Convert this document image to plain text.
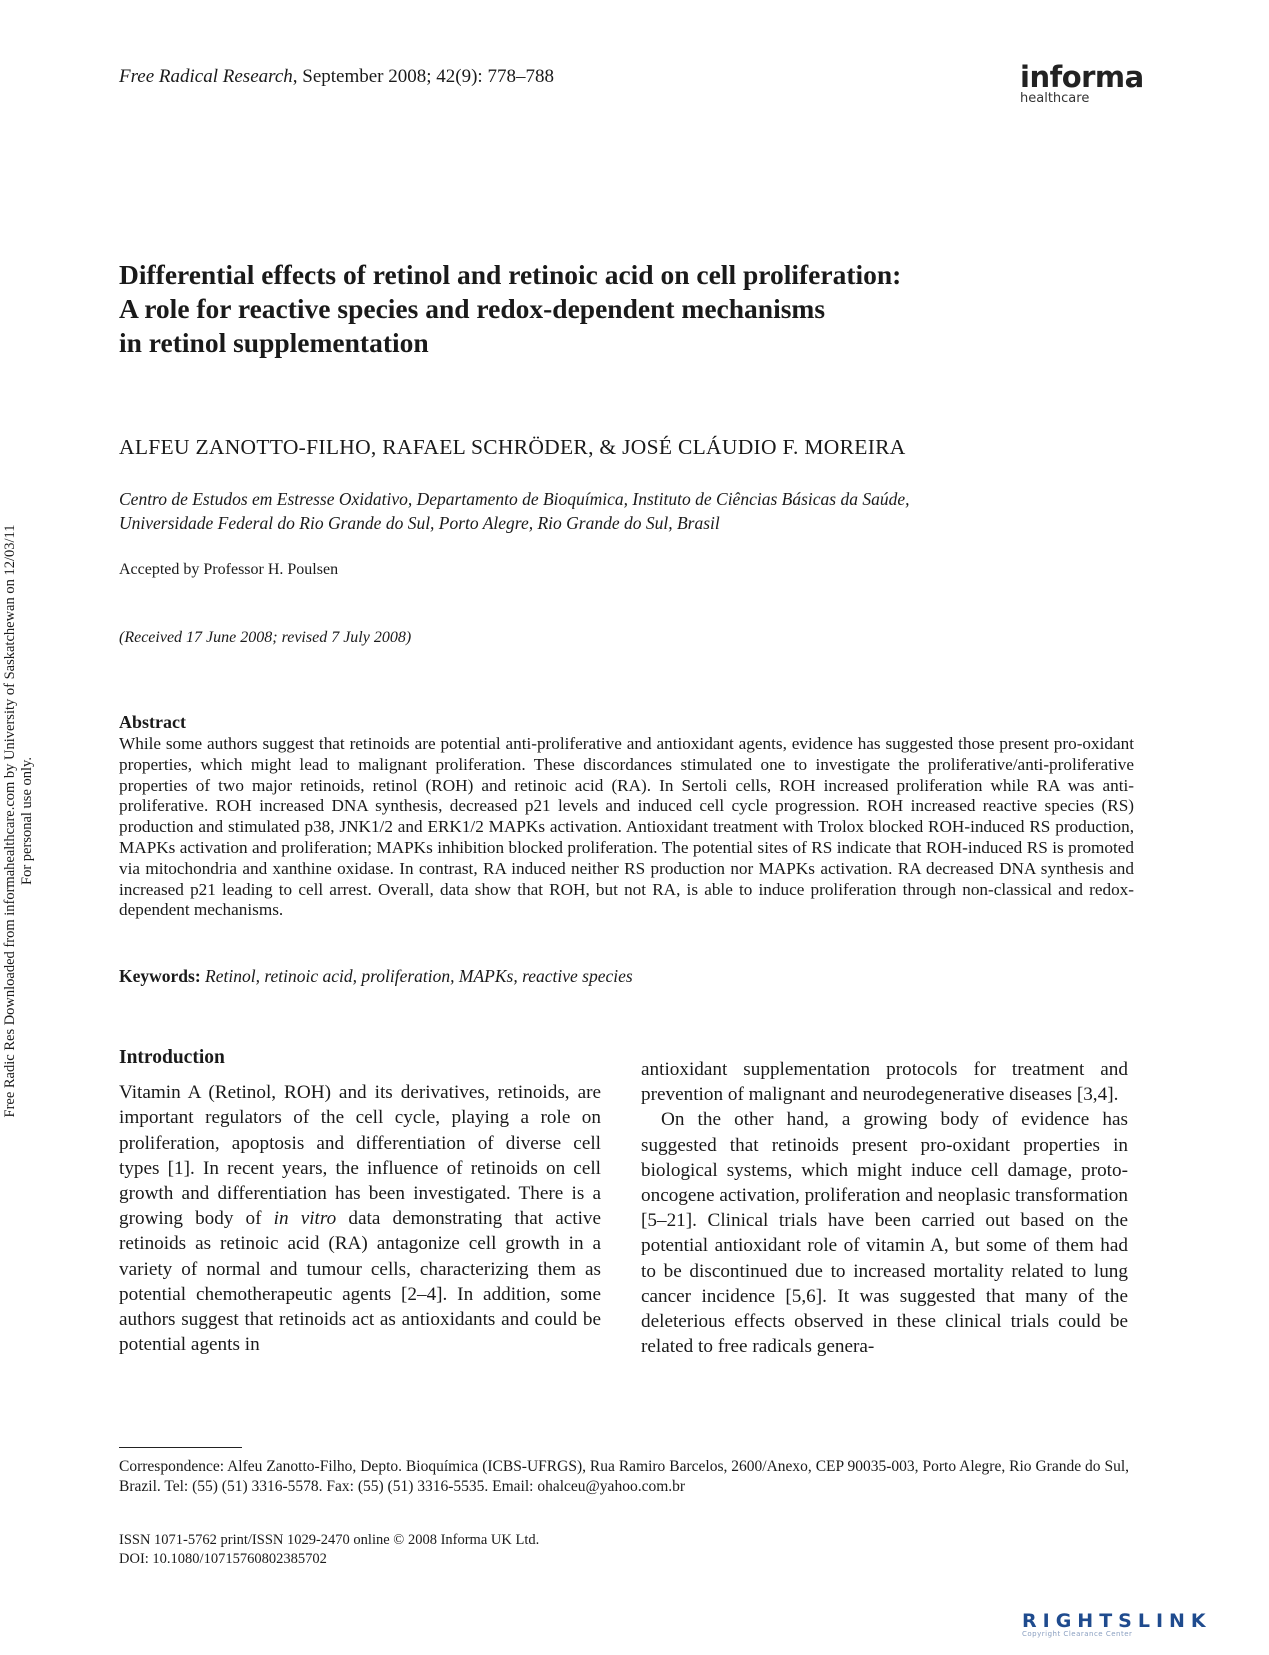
Free Radical Research, September 2008; 42(9): 778–788	informa
healthcare
Free Radic Res Downloaded from informahealthcare.com by University of Saskatchewan on 12/03/11 For personal use only.
Differential effects of retinol and retinoic acid on cell proliferation:
A role for reactive species and redox-dependent mechanisms
in retinol supplementation
ALFEU ZANOTTO-FILHO, RAFAEL SCHRÖDER, & JOSÉ CLÁUDIO F. MOREIRA
Centro de Estudos em Estresse Oxidativo, Departamento de Bioquímica, Instituto de Ciências Básicas da Saúde,
Universidade Federal do Rio Grande do Sul, Porto Alegre, Rio Grande do Sul, Brasil
Accepted by Professor H. Poulsen
(Received 17 June 2008; revised 7 July 2008)
Abstract
While some authors suggest that retinoids are potential anti-proliferative and antioxidant agents, evidence has suggested those present pro-oxidant properties, which might lead to malignant proliferation. These discordances stimulated one to investigate the proliferative/anti-proliferative properties of two major retinoids, retinol (ROH) and retinoic acid (RA). In Sertoli cells, ROH increased proliferation while RA was anti-proliferative. ROH increased DNA synthesis, decreased p21 levels and induced cell cycle progression. ROH increased reactive species (RS) production and stimulated p38, JNK1/2 and ERK1/2 MAPKs activation. Antioxidant treatment with Trolox blocked ROH-induced RS production, MAPKs activation and proliferation; MAPKs inhibition blocked proliferation. The potential sites of RS indicate that ROH-induced RS is promoted via mitochondria and xanthine oxidase. In contrast, RA induced neither RS production nor MAPKs activation. RA decreased DNA synthesis and increased p21 leading to cell arrest. Overall, data show that ROH, but not RA, is able to induce proliferation through non-classical and redox-dependent mechanisms.
Keywords: Retinol, retinoic acid, proliferation, MAPKs, reactive species
Introduction

Vitamin A (Retinol, ROH) and its derivatives, retinoids, are important regulators of the cell cycle, playing a role on proliferation, apoptosis and differentiation of diverse cell types [1]. In recent years, the influence of retinoids on cell growth and differentiation has been investigated. There is a growing body of in vitro data demonstrating that active retinoids as retinoic acid (RA) antagonize cell growth in a variety of normal and tumour cells, characterizing them as potential chemotherapeutic agents [2–4]. In addition, some authors suggest that retinoids act as antioxidants and could be potential agents in

antioxidant supplementation protocols for treatment and prevention of malignant and neurodegenerative diseases [3,4].

On the other hand, a growing body of evidence has suggested that retinoids present pro-oxidant properties in biological systems, which might induce cell damage, proto-oncogene activation, proliferation and neoplasic transformation [5–21]. Clinical trials have been carried out based on the potential antioxidant role of vitamin A, but some of them had to be discontinued due to increased mortality related to lung cancer incidence [5,6]. It was suggested that many of the deleterious effects observed in these clinical trials could be related to free radicals genera-

Correspondence: Alfeu Zanotto-Filho, Depto. Bioquímica (ICBS-UFRGS), Rua Ramiro Barcelos, 2600/Anexo, CEP 90035-003, Porto Alegre, Rio Grande do Sul, Brazil. Tel: (55) (51) 3316-5578. Fax: (55) (51) 3316-5535. Email: ohalceu@yahoo.com.br
ISSN 1071-5762 print/ISSN 1029-2470 online © 2008 Informa UK Ltd.
DOI: 10.1080/10715760802385702
RIGHTSLINK
Copyright Clearance Center
